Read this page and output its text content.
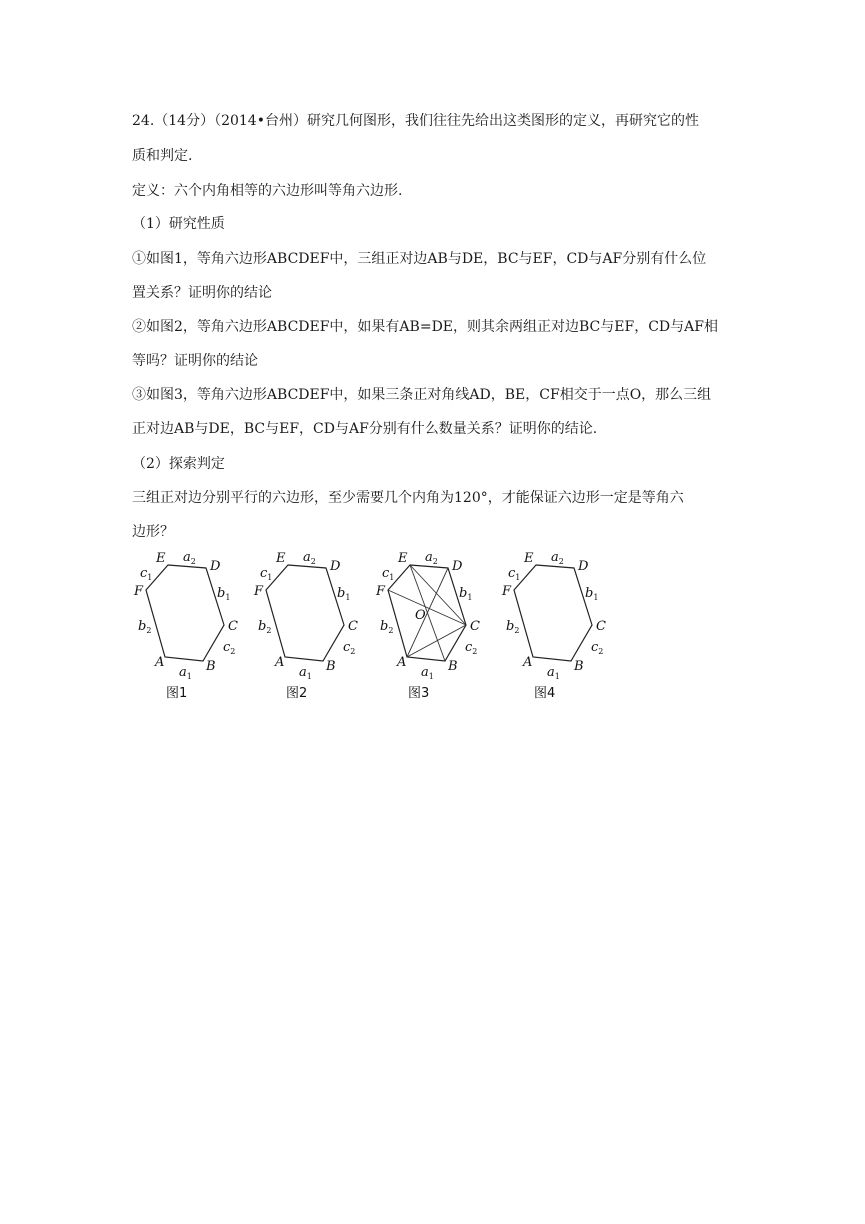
24.（14分）（2014•台州）研究几何图形，我们往往先给出这类图形的定义，再研究它的性
质和判定.
定义：六个内角相等的六边形叫等角六边形.
（1）研究性质
①如图1，等角六边形ABCDEF中，三组正对边AB与DE，BC与EF，CD与AF分别有什么位
置关系？证明你的结论
②如图2，等角六边形ABCDEF中，如果有AB=DE，则其余两组正对边BC与EF，CD与AF相
等吗？证明你的结论
③如图3，等角六边形ABCDEF中，如果三条正对角线AD，BE，CF相交于一点O，那么三组
正对边AB与DE，BC与EF，CD与AF分别有什么数量关系？证明你的结论.
（2）探索判定
三组正对边分别平行的六边形，至少需要几个内角为120°，才能保证六边形一定是等角六
边形？
E
D
C
B
A
F
$a_2$
$a_1$
$b_1$
$b_2$
$c_1$
$c_2$
图1
E
D
C
B
A
F
$a_2$
$a_1$
$b_1$
$b_2$
$c_1$
$c_2$
图2
O
E
D
C
B
A
F
$a_2$
$a_1$
$b_1$
$b_2$
$c_1$
$c_2$
图3
E
D
C
B
A
F
$a_2$
$a_1$
$b_1$
$b_2$
$c_1$
$c_2$
图4
